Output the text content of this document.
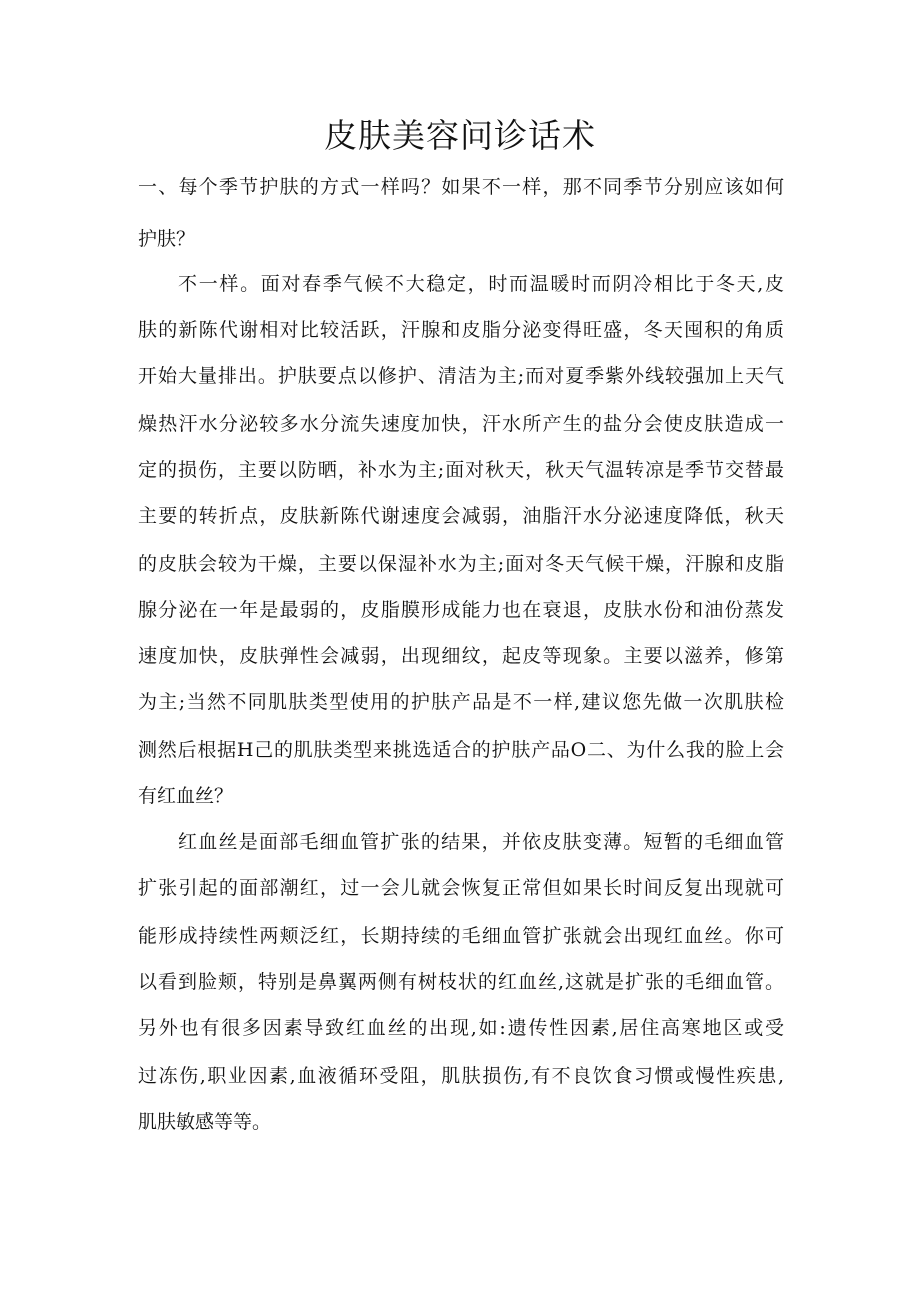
皮肤美容问诊话术

一、每个季节护肤的方式一样吗？如果不一样，那不同季节分别应该如何

护肤？

不一样。面对春季气候不大稳定，时而温暖时而阴冷相比于冬天,皮

肤的新陈代谢相对比较活跃，汗腺和皮脂分泌变得旺盛，冬天囤积的角质

开始大量排出。护肤要点以修护、清洁为主;而对夏季紫外线较强加上天气

燥热汗水分泌较多水分流失速度加快，汗水所产生的盐分会使皮肤造成一

定的损伤，主要以防晒，补水为主;面对秋天，秋天气温转凉是季节交替最

主要的转折点，皮肤新陈代谢速度会减弱，油脂汗水分泌速度降低，秋天

的皮肤会较为干燥，主要以保湿补水为主;面对冬天气候干燥，汗腺和皮脂

腺分泌在一年是最弱的，皮脂膜形成能力也在衰退，皮肤水份和油份蒸发

速度加快，皮肤弹性会减弱，出现细纹，起皮等现象。主要以滋养，修第

为主;当然不同肌肤类型使用的护肤产品是不一样,建议您先做一次肌肤检

测然后根据H己的肌肤类型来挑选适合的护肤产品O二、为什么我的脸上会

有红血丝？

红血丝是面部毛细血管扩张的结果，并依皮肤变薄。短暂的毛细血管

扩张引起的面部潮红，过一会儿就会恢复正常但如果长时间反复出现就可

能形成持续性两颊泛红，长期持续的毛细血管扩张就会出现红血丝。你可

以看到脸颊，特别是鼻翼两侧有树枝状的红血丝,这就是扩张的毛细血管。

另外也有很多因素导致红血丝的出现,如:遗传性因素,居住高寒地区或受

过冻伤,职业因素,血液循环受阻，肌肤损伤,有不良饮食习惯或慢性疾患,

肌肤敏感等等。
